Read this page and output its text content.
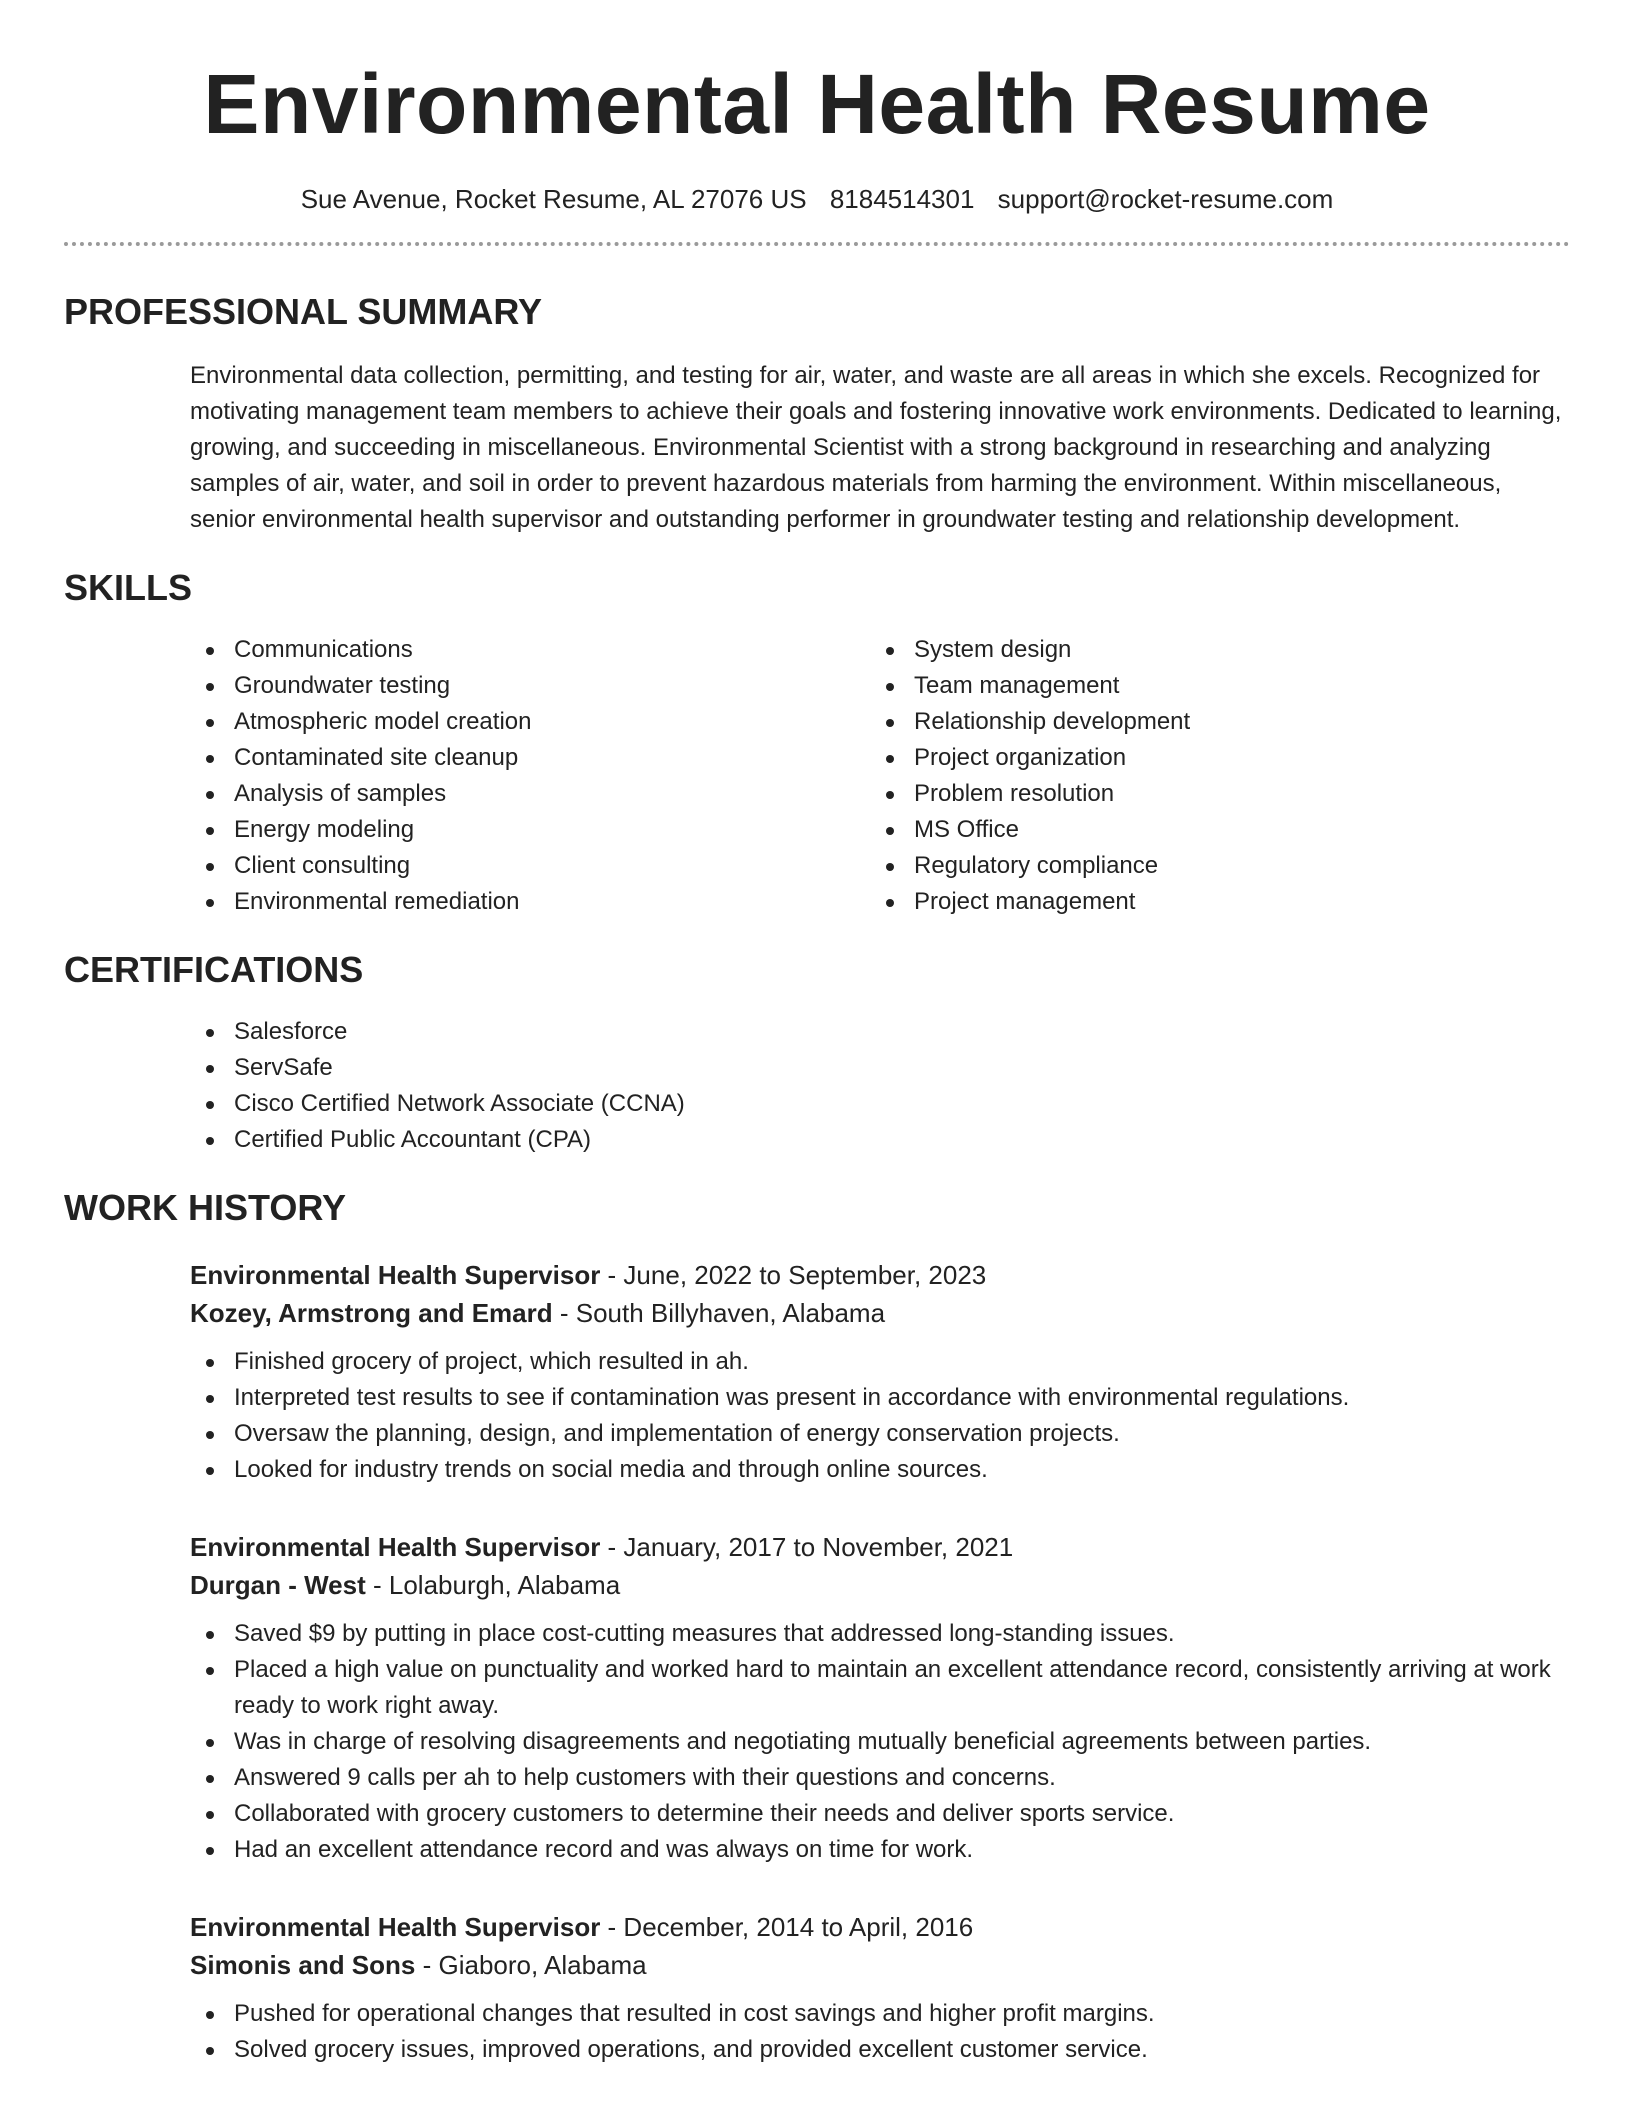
Environmental Health Resume
Sue Avenue, Rocket Resume, AL 27076 US 8184514301 support@rocket-resume.com
PROFESSIONAL SUMMARY

Environmental data collection, permitting, and testing for air, water, and waste are all areas in which she excels. Recognized for motivating management team members to achieve their goals and fostering innovative work environments. Dedicated to learning, growing, and succeeding in miscellaneous. Environmental Scientist with a strong background in researching and analyzing samples of air, water, and soil in order to prevent hazardous materials from harming the environment. Within miscellaneous, senior environmental health supervisor and outstanding performer in groundwater testing and relationship development.

SKILLS
Communications
Groundwater testing
Atmospheric model creation
Contaminated site cleanup
Analysis of samples
Energy modeling
Client consulting
Environmental remediation
System design
Team management
Relationship development
Project organization
Problem resolution
MS Office
Regulatory compliance
Project management
CERTIFICATIONS
Salesforce
ServSafe
Cisco Certified Network Associate (CCNA)
Certified Public Accountant (CPA)
WORK HISTORY
Environmental Health Supervisor - June, 2022 to September, 2023
Kozey, Armstrong and Emard - South Billyhaven, Alabama
Finished grocery of project, which resulted in ah.
Interpreted test results to see if contamination was present in accordance with environmental regulations.
Oversaw the planning, design, and implementation of energy conservation projects.
Looked for industry trends on social media and through online sources.
Environmental Health Supervisor - January, 2017 to November, 2021
Durgan - West - Lolaburgh, Alabama
Saved $9 by putting in place cost-cutting measures that addressed long-standing issues.
Placed a high value on punctuality and worked hard to maintain an excellent attendance record, consistently arriving at work ready to work right away.
Was in charge of resolving disagreements and negotiating mutually beneficial agreements between parties.
Answered 9 calls per ah to help customers with their questions and concerns.
Collaborated with grocery customers to determine their needs and deliver sports service.
Had an excellent attendance record and was always on time for work.
Environmental Health Supervisor - December, 2014 to April, 2016
Simonis and Sons - Giaboro, Alabama
Pushed for operational changes that resulted in cost savings and higher profit margins.
Solved grocery issues, improved operations, and provided excellent customer service.
